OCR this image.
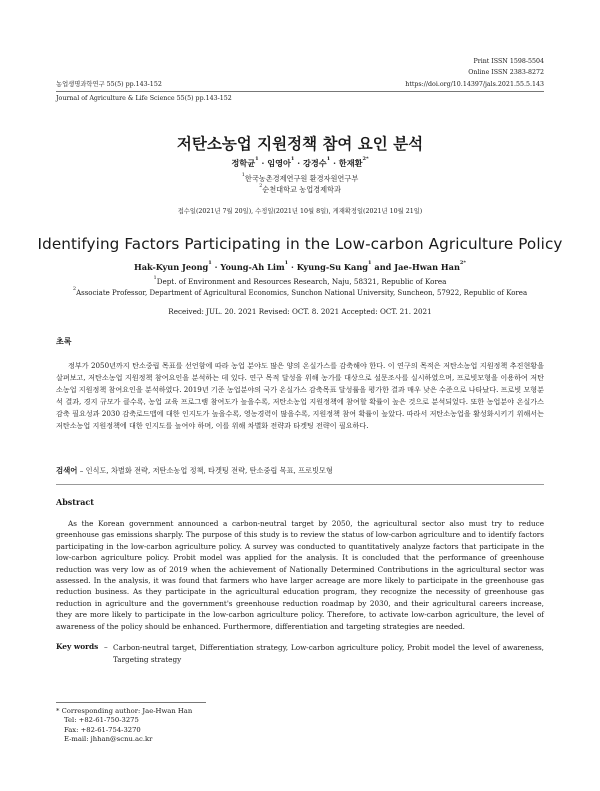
Print ISSN 1598-5504
Online ISSN 2383-8272
농업생명과학연구 55(5) pp.143-152	https://doi.org/10.14397/jals.2021.55.5.143
Journal of Agriculture & Life Science 55(5) pp.143-152
저탄소농업 지원정책 참여 요인 분석
정학균$^1$ · 임영아$^1$ · 강경수$^1$ · 한재환$^{2*}$
$^1$한국농촌경제연구원 환경자원연구부
$^2$순천대학교 농업경제학과
접수일(2021년 7월 20일), 수정일(2021년 10월 8일), 게재확정일(2021년 10월 21일)
Identifying Factors Participating in the Low-carbon Agriculture Policy
Hak-Kyun Jeong$^1$ · Young-Ah Lim$^1$ · Kyung-Su Kang$^1$ and Jae-Hwan Han$^{2*}$
$^1$Dept. of Environment and Resources Research, Naju, 58321, Republic of Korea
$^2$Associate Professor, Department of Agricultural Economics, Sunchon National University, Suncheon, 57922, Republic of Korea
Received: JUL. 20. 2021 Revised: OCT. 8. 2021 Accepted: OCT. 21. 2021
초록
정부가 2050년까지 탄소중립 목표를 선언함에 따라 농업 분야도 많은 양의 온실가스를 감축해야 한다. 이 연구의 목적은 저탄소농업 지원정책 추진현황을 살펴보고, 저탄소농업 지원정책 참여요인을 분석하는 데 있다. 연구 목적 달성을 위해 농가를 대상으로 설문조사를 실시하였으며, 프로빗모형을 이용하여 저탄소농업 지원정책 참여요인을 분석하였다. 2019년 기준 농업분야의 국가 온실가스 감축목표 달성률을 평가한 결과 매우 낮은 수준으로 나타났다. 프로빗 모형분석 결과, 경지 규모가 클수록, 농업 교육 프로그램 참여도가 높을수록, 저탄소농업 지원정책에 참여할 확률이 높은 것으로 분석되었다. 또한 농업분야 온실가스 감축 필요성과 2030 감축로드맵에 대한 인지도가 높을수록, 영농경력이 많을수록, 지원정책 참여 확률이 높았다. 따라서 저탄소농업을 활성화시키기 위해서는 저탄소농업 지원정책에 대한 인지도를 높여야 하며, 이를 위해 차별화 전략과 타겟팅 전략이 필요하다.
검색어 – 인식도, 차별화 전략, 저탄소농업 정책, 타겟팅 전략, 탄소중립 목표, 프로빗모형
Abstract
As the Korean government announced a carbon-neutral target by 2050, the agricultural sector also must try to reduce greenhouse gas emissions sharply. The purpose of this study is to review the status of low-carbon agriculture and to identify factors participating in the low-carbon agriculture policy. A survey was conducted to quantitatively analyze factors that participate in the low-carbon agriculture policy. Probit model was applied for the analysis. It is concluded that the performance of greenhouse reduction was very low as of 2019 when the achievement of Nationally Determined Contributions in the agricultural sector was assessed. In the analysis, it was found that farmers who have larger acreage are more likely to participate in the greenhouse gas reduction business. As they participate in the agricultural education program, they recognize the necessity of greenhouse gas reduction in agriculture and the government's greenhouse reduction roadmap by 2030, and their agricultural careers increase, they are more likely to participate in the low-carbon agriculture policy. Therefore, to activate low-carbon agriculture, the level of awareness of the policy should be enhanced. Furthermore, differentiation and targeting strategies are needed.
Key words – Carbon-neutral target, Differentiation strategy, Low-carbon agriculture policy, Probit model the level of awareness, Targeting strategy
* Corresponding author: Jae-Hwan Han
Tel: +82-61-750-3275
Fax: +82-61-754-3270
E-mail: jhhan@scnu.ac.kr
